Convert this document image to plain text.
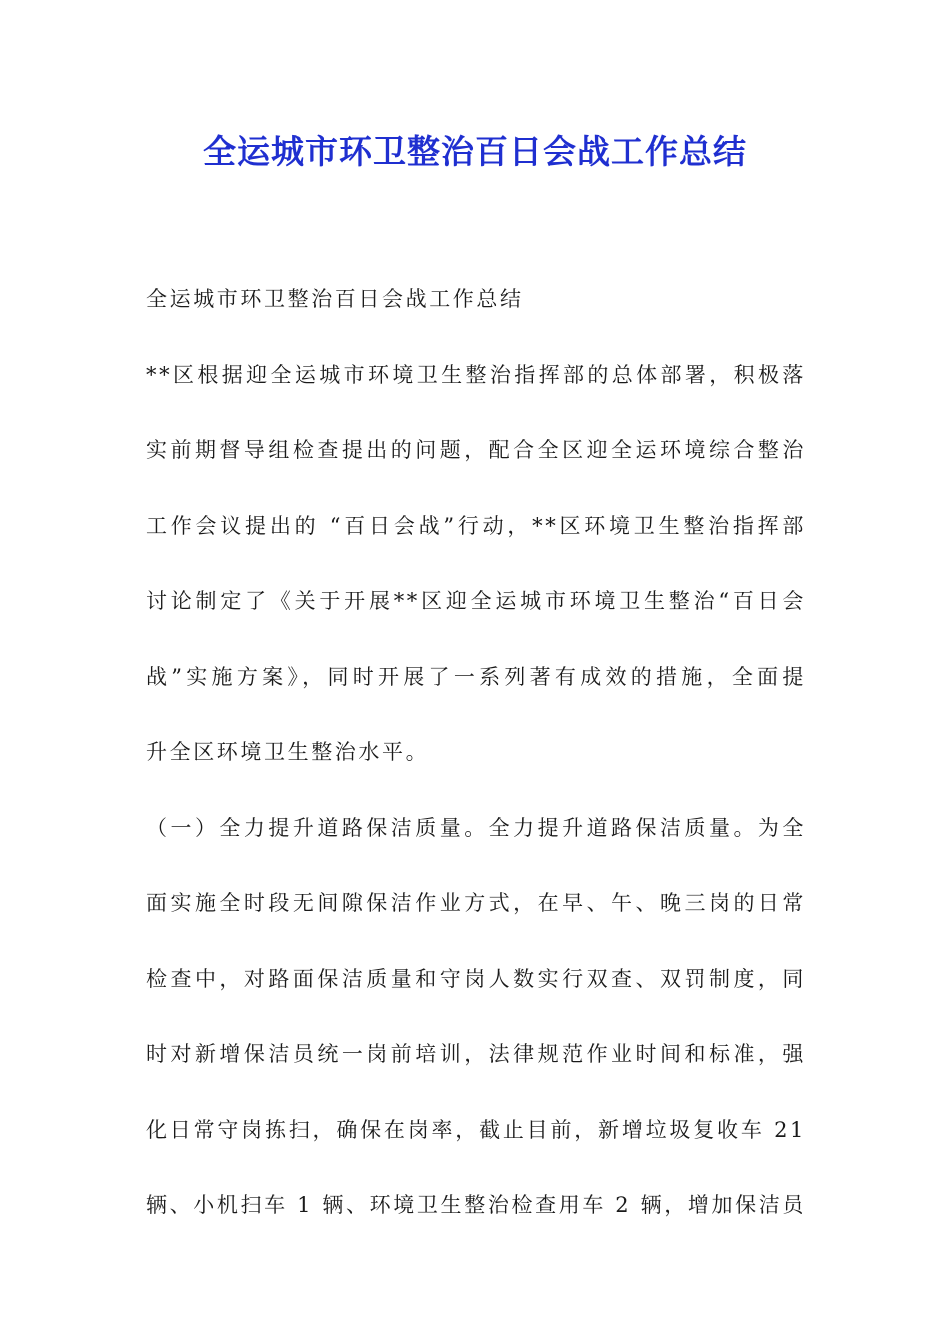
全运城市环卫整治百日会战工作总结

全运城市环卫整治百日会战工作总结

**区根据迎全运城市环境卫生整治指挥部的总体部署，积极落
实前期督导组检查提出的问题，配合全区迎全运环境综合整治
工作会议提出的 “百日会战”行动，**区环境卫生整治指挥部
讨论制定了《关于开展**区迎全运城市环境卫生整治“百日会
战”实施方案》，同时开展了一系列著有成效的措施，全面提
升全区环境卫生整治水平。

（一）全力提升道路保洁质量。全力提升道路保洁质量。为全
面实施全时段无间隙保洁作业方式，在早、午、晚三岗的日常
检查中，对路面保洁质量和守岗人数实行双查、双罚制度，同
时对新增保洁员统一岗前培训，法律规范作业时间和标准，强
化日常守岗拣扫，确保在岗率，截止目前，新增垃圾复收车 21
辆、小机扫车 1 辆、环境卫生整治检查用车 2 辆，增加保洁员
